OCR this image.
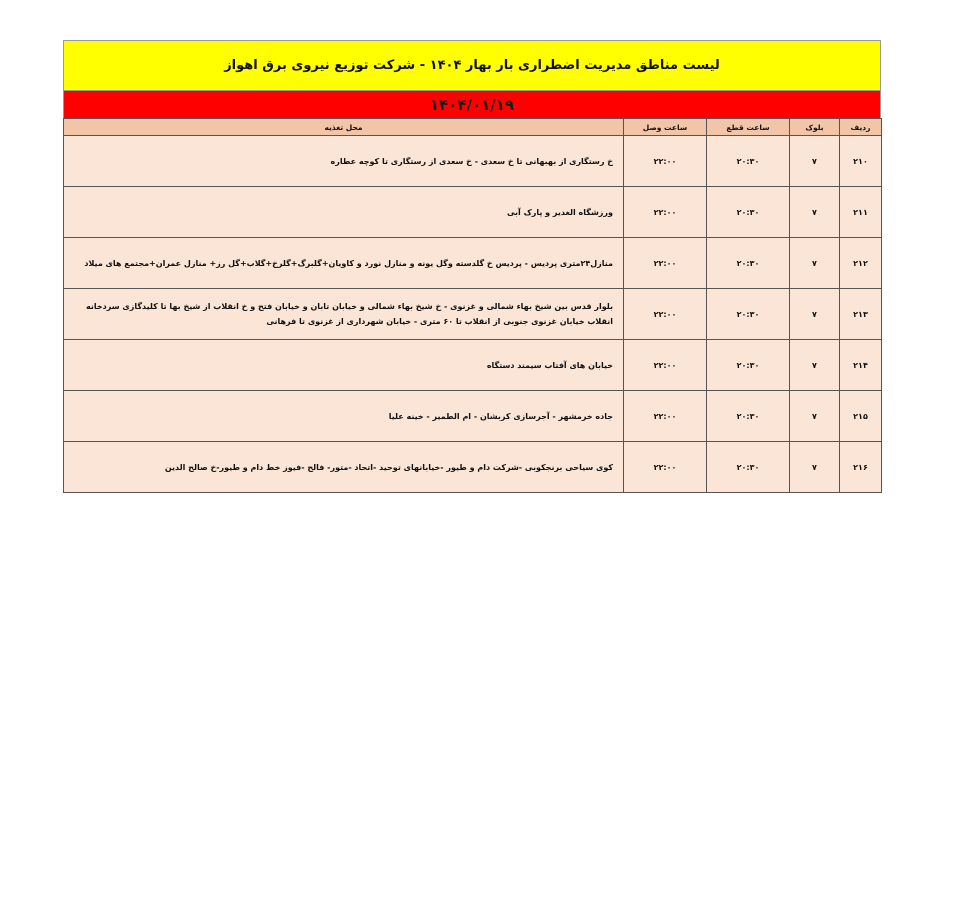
لیست مناطق مدیریت اضطراری بار بهار ۱۴۰۴ - شرکت توزیع نیروی برق اهواز
۱۴۰۴/۰۱/۱۹
ردیف	بلوک	ساعت قطع	ساعت وصل	محل تغذیه
۲۱۰	۷	۲۰:۳۰	۲۲:۰۰	خ رستگاری از بهبهانی تا خ سعدی - خ سعدی از رستگاری تا کوچه عطاره
۲۱۱	۷	۲۰:۳۰	۲۲:۰۰	ورزشگاه الغدیر و پارک آبی
۲۱۲	۷	۲۰:۳۰	۲۲:۰۰	منازل۲۴متری پردیس - پردیس خ گلدسته وگل یونه و منازل نورد و کاویان+گلبرگ+گلرخ+گلاب+گل رز+ منازل عمران+مجتمع های میلاد
۲۱۳	۷	۲۰:۳۰	۲۲:۰۰	بلوار قدس بین شیخ بهاء شمالی و غزنوی - خ شیخ بهاء شمالی و خیابان تابان و خیابان فتح و خ انقلاب از شیخ بها تا کلیدگازی سردخانه انقلاب خیابان غزنوی جنوبی از انقلاب تا ۶۰ متری - خیابان شهرداری از غزنوی تا فرهانی
۲۱۴	۷	۲۰:۳۰	۲۲:۰۰	خیابان های آفتاب سیمند دستگاه
۲۱۵	۷	۲۰:۳۰	۲۲:۰۰	جاده خرمشهر - آجرسازی کربشان - ام الطمیر - خینه علیا
۲۱۶	۷	۲۰:۳۰	۲۲:۰۰	کوی سیاحی برنجکوبی -شرکت دام و طیور -خیابانهای توحید -اتحاد -متور- فالح -فیوز خط دام و طیور-خ صالح الدین
